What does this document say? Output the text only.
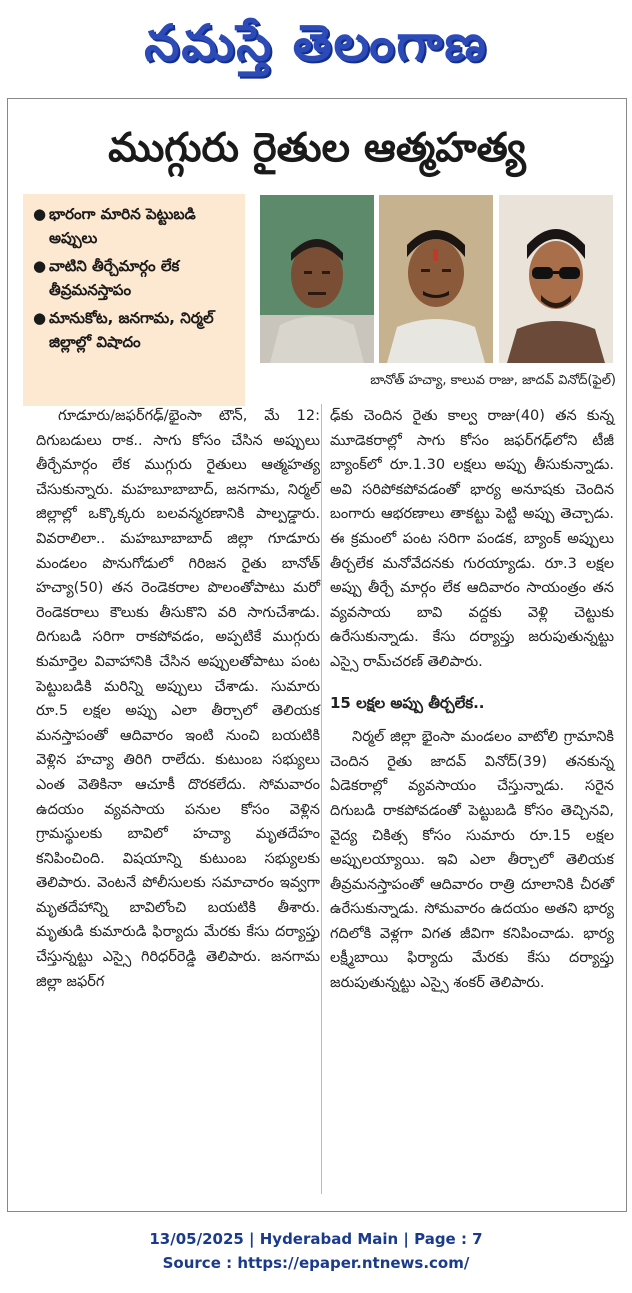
నమస్తే తెలంగాణ
ముగ్గురు రైతుల ఆత్మహత్య
● భారంగా మారిన పెట్టుబడి అప్పులు
● వాటిని తీర్చేమార్గం లేక తీవ్రమనస్తాపం
● మానుకోట, జనగామ, నిర్మల్ జిల్లాల్లో విషాదం
బానోత్ హచ్యా, కాలువ రాజు, జాదవ్ వినోద్(ఫైల్)

గూడూరు/జఫర్‌గఢ్/భైంసా టౌన్, మే 12: దిగుబడులు రాక.. సాగు కోసం చేసిన అప్పులు తీర్చేమార్గం లేక ముగ్గురు రైతులు ఆత్మహత్య చేసుకున్నారు. మహబూబాబాద్, జనగామ, నిర్మల్ జిల్లాల్లో ఒక్కొక్కరు బలవన్మరణానికి పాల్పడ్డారు. వివరాలిలా.. మహబూబాబాద్ జిల్లా గూడూరు మండలం పొనుగోడులో గిరిజన రైతు బానోత్ హచ్యా(50) తన రెండెకరాల పొలంతోపాటు మరో రెండెకరాలు కౌలుకు తీసుకొని వరి సాగుచేశాడు. దిగుబడి సరిగా రాకపోవడం, అప్పటికే ముగ్గురు కుమార్తెల వివాహానికి చేసిన అప్పులతోపాటు పంట పెట్టుబడికి మరిన్ని అప్పులు చేశాడు. సుమారు రూ.5 లక్షల అప్పు ఎలా తీర్చాలో తెలియక మనస్తాపంతో ఆదివారం ఇంటి నుంచి బయటికి వెళ్లిన హచ్యా తిరిగి రాలేదు. కుటుంబ సభ్యులు ఎంత వెతికినా ఆచూకీ దొరకలేదు. సోమవారం ఉదయం వ్యవసాయ పనుల కోసం వెళ్లిన గ్రామస్థులకు బావిలో హచ్యా మృతదేహం కనిపించింది. విషయాన్ని కుటుంబ సభ్యులకు తెలిపారు. వెంటనే పోలీసులకు సమాచారం ఇవ్వగా మృతదేహాన్ని బావిలోంచి బయటికి తీశారు. మృతుడి కుమారుడి ఫిర్యాదు మేరకు కేసు దర్యాప్తు చేస్తున్నట్టు ఎస్సై గిరిధర్‌రెడ్డి తెలిపారు. జనగామ జిల్లా జఫర్‌గ

ఢ్‌కు చెందిన రైతు కాల్వ రాజు(40) తన కున్న మూడెకరాల్లో సాగు కోసం జఫర్‌గఢ్‌లోని టీజీ బ్యాంక్‌లో రూ.1.30 లక్షలు అప్పు తీసుకున్నాడు. అవి సరిపోకపోవడంతో భార్య అనూషకు చెందిన బంగారు ఆభరణాలు తాకట్టు పెట్టి అప్పు తెచ్చాడు. ఈ క్రమంలో పంట సరిగా పండక, బ్యాంక్ అప్పులు తీర్చలేక మనోవేదనకు గురయ్యాడు. రూ.3 లక్షల అప్పు తీర్చే మార్గం లేక ఆదివారం సాయంత్రం తన వ్యవసాయ బావి వద్దకు వెళ్లి చెట్టుకు ఉరేసుకున్నాడు. కేసు దర్యాప్తు జరుపుతున్నట్టు ఎస్సై రామ్‌చరణ్ తెలిపారు.

15 లక్షల అప్పు తీర్చలేక..

నిర్మల్ జిల్లా భైంసా మండలం వాటోలి గ్రామానికి చెందిన రైతు జాదవ్ వినోద్(39) తనకున్న ఏడెకరాల్లో వ్యవసాయం చేస్తున్నాడు. సరైన దిగుబడి రాకపోవడంతో పెట్టుబడి కోసం తెచ్చినవి, వైద్య చికిత్స కోసం సుమారు రూ.15 లక్షల అప్పులయ్యాయి. ఇవి ఎలా తీర్చాలో తెలియక తీవ్రమనస్తాపంతో ఆదివారం రాత్రి దూలానికి చీరతో ఉరేసుకున్నాడు. సోమవారం ఉదయం అతని భార్య గదిలోకి వెళ్లగా విగత జీవిగా కనిపించాడు. భార్య లక్ష్మీబాయి ఫిర్యాదు మేరకు కేసు దర్యాప్తు జరుపుతున్నట్టు ఎస్సై శంకర్ తెలిపారు.

13/05/2025 | Hyderabad Main | Page : 7
Source : https://epaper.ntnews.com/
